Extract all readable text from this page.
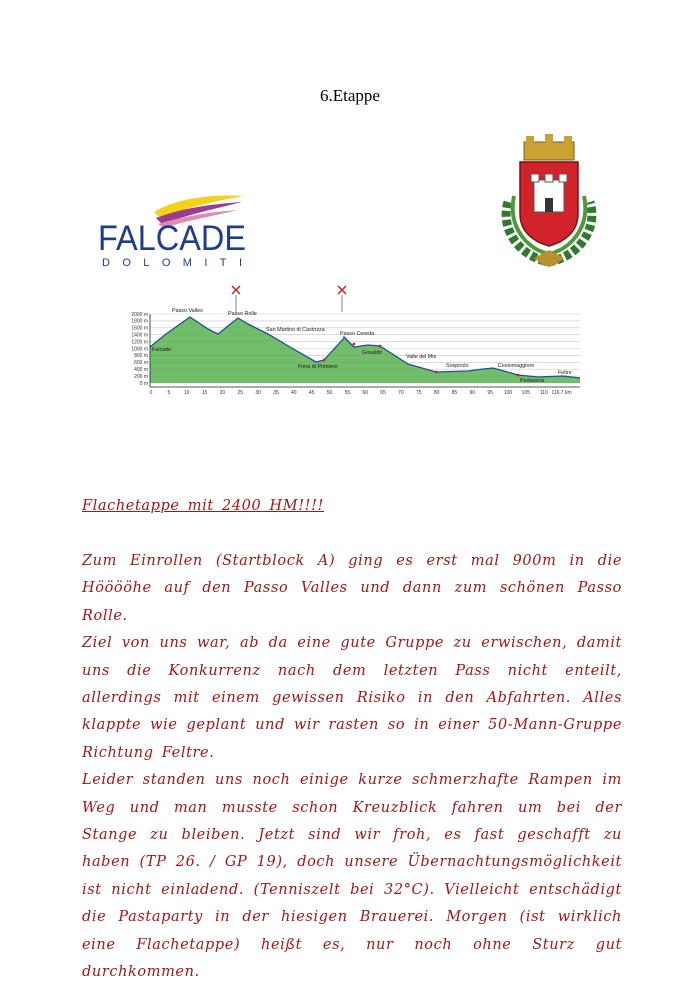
6.Etappe
FALCADE
DOLOMITI
2000 m
1800 m
1600 m
1400 m
1200 m
1000 m
800 m
600 m
400 m
200 m
0 m
0	5	10 15 20 25 30 35 40 45 50 55 60 65 70 75 80 85 90 95 100 105 110 116.7 km
Falcade
Passo Valles	Passo Rolle
San Martino di Castozza
Fiera di Primiero
Passo Cereda
Gosaldo
Valle del Mis
Sospirolo	Cesiomaggiore
Pedavena
Feltre
Flachetappe mit 2400 HM!!!!

Zum Einrollen (Startblock A) ging es erst mal 900m in die Hööööhe auf den Passo Valles und dann zum schönen Passo Rolle.
Ziel von uns war, ab da eine gute Gruppe zu erwischen, damit uns die Konkurrenz nach dem letzten Pass nicht enteilt, allerdings mit einem gewissen Risiko in den Abfahrten. Alles klappte wie geplant und wir rasten so in einer 50-Mann-Gruppe Richtung Feltre.
Leider standen uns noch einige kurze schmerzhafte Rampen im Weg und man musste schon Kreuzblick fahren um bei der Stange zu bleiben. Jetzt sind wir froh, es fast geschafft zu haben (TP 26. / GP 19), doch unsere Übernachtungsmöglichkeit ist nicht einladend. (Tenniszelt bei 32°C). Vielleicht entschädigt die Pastaparty in der hiesigen Brauerei. Morgen (ist wirklich eine Flachetappe) heißt es, nur noch ohne Sturz gut durchkommen.
